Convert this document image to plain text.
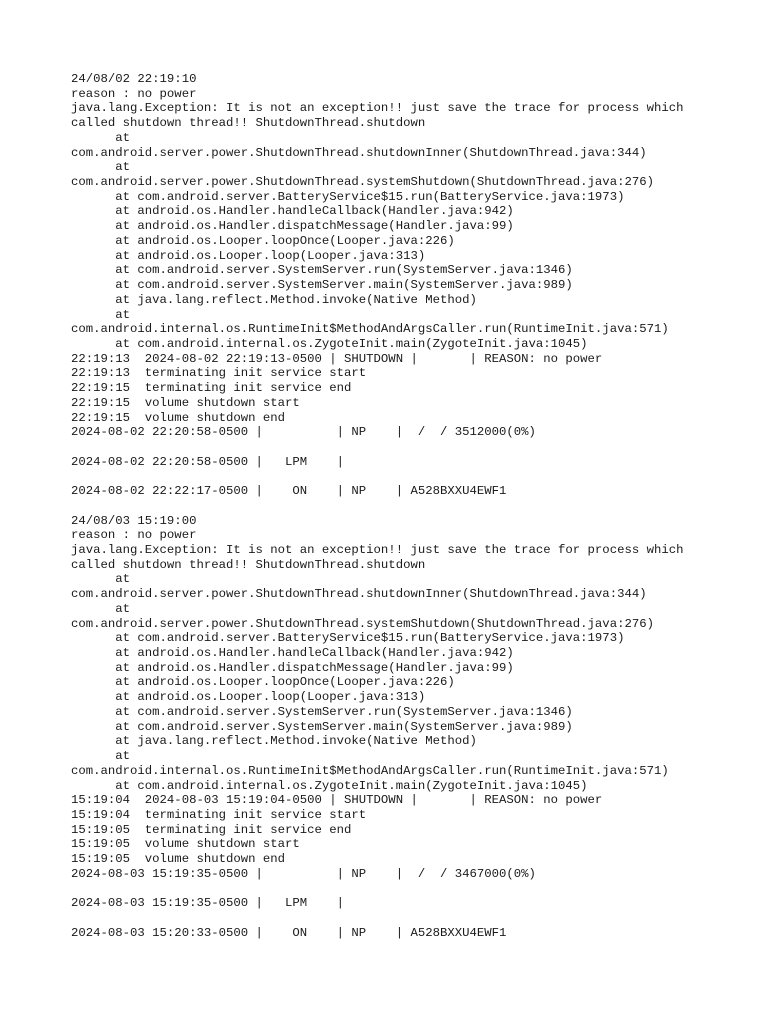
24/08/02 22:19:10
reason : no power
java.lang.Exception: It is not an exception!! just save the trace for process which
called shutdown thread!! ShutdownThread.shutdown
at
com.android.server.power.ShutdownThread.shutdownInner(ShutdownThread.java:344)
at
com.android.server.power.ShutdownThread.systemShutdown(ShutdownThread.java:276)
at com.android.server.BatteryService$15.run(BatteryService.java:1973)
at android.os.Handler.handleCallback(Handler.java:942)
at android.os.Handler.dispatchMessage(Handler.java:99)
at android.os.Looper.loopOnce(Looper.java:226)
at android.os.Looper.loop(Looper.java:313)
at com.android.server.SystemServer.run(SystemServer.java:1346)
at com.android.server.SystemServer.main(SystemServer.java:989)
at java.lang.reflect.Method.invoke(Native Method)
at
com.android.internal.os.RuntimeInit$MethodAndArgsCaller.run(RuntimeInit.java:571)
at com.android.internal.os.ZygoteInit.main(ZygoteInit.java:1045)
22:19:13  2024-08-02 22:19:13-0500 | SHUTDOWN |       | REASON: no power
22:19:13  terminating init service start
22:19:15  terminating init service end
22:19:15  volume shutdown start
22:19:15  volume shutdown end
2024-08-02 22:20:58-0500 |          | NP    |  /  / 3512000(0%)
2024-08-02 22:20:58-0500 |   LPM    |
2024-08-02 22:22:17-0500 |    ON    | NP    | A528BXXU4EWF1
24/08/03 15:19:00
reason : no power
java.lang.Exception: It is not an exception!! just save the trace for process which
called shutdown thread!! ShutdownThread.shutdown
at
com.android.server.power.ShutdownThread.shutdownInner(ShutdownThread.java:344)
at
com.android.server.power.ShutdownThread.systemShutdown(ShutdownThread.java:276)
at com.android.server.BatteryService$15.run(BatteryService.java:1973)
at android.os.Handler.handleCallback(Handler.java:942)
at android.os.Handler.dispatchMessage(Handler.java:99)
at android.os.Looper.loopOnce(Looper.java:226)
at android.os.Looper.loop(Looper.java:313)
at com.android.server.SystemServer.run(SystemServer.java:1346)
at com.android.server.SystemServer.main(SystemServer.java:989)
at java.lang.reflect.Method.invoke(Native Method)
at
com.android.internal.os.RuntimeInit$MethodAndArgsCaller.run(RuntimeInit.java:571)
at com.android.internal.os.ZygoteInit.main(ZygoteInit.java:1045)
15:19:04  2024-08-03 15:19:04-0500 | SHUTDOWN |       | REASON: no power
15:19:04  terminating init service start
15:19:05  terminating init service end
15:19:05  volume shutdown start
15:19:05  volume shutdown end
2024-08-03 15:19:35-0500 |          | NP    |  /  / 3467000(0%)
2024-08-03 15:19:35-0500 |   LPM    |
2024-08-03 15:20:33-0500 |    ON    | NP    | A528BXXU4EWF1
